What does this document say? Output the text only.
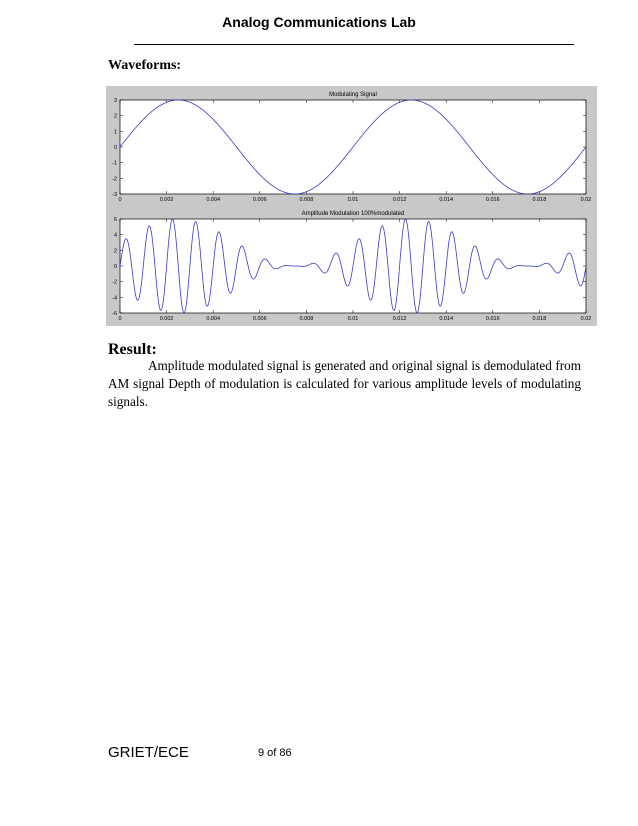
Analog Communications Lab
Waveforms:
Modulating Signal
0	0.002	0.004	0.006	0.008	0.01	0.012	0.014	0.016	0.018	0.02
3
2
1
0
-1
-2
-3
Amplitude Modulation 100%modulated
0	0.002	0.004	0.006	0.008	0.01	0.012	0.014	0.016	0.018	0.02
6
4
2
0
-2
-4
-6
Result:
Amplitude modulated signal is generated and original signal is demodulated from AM signal Depth of modulation is calculated for various amplitude levels of modulating signals.
GRIET/ECE	9 of 86
